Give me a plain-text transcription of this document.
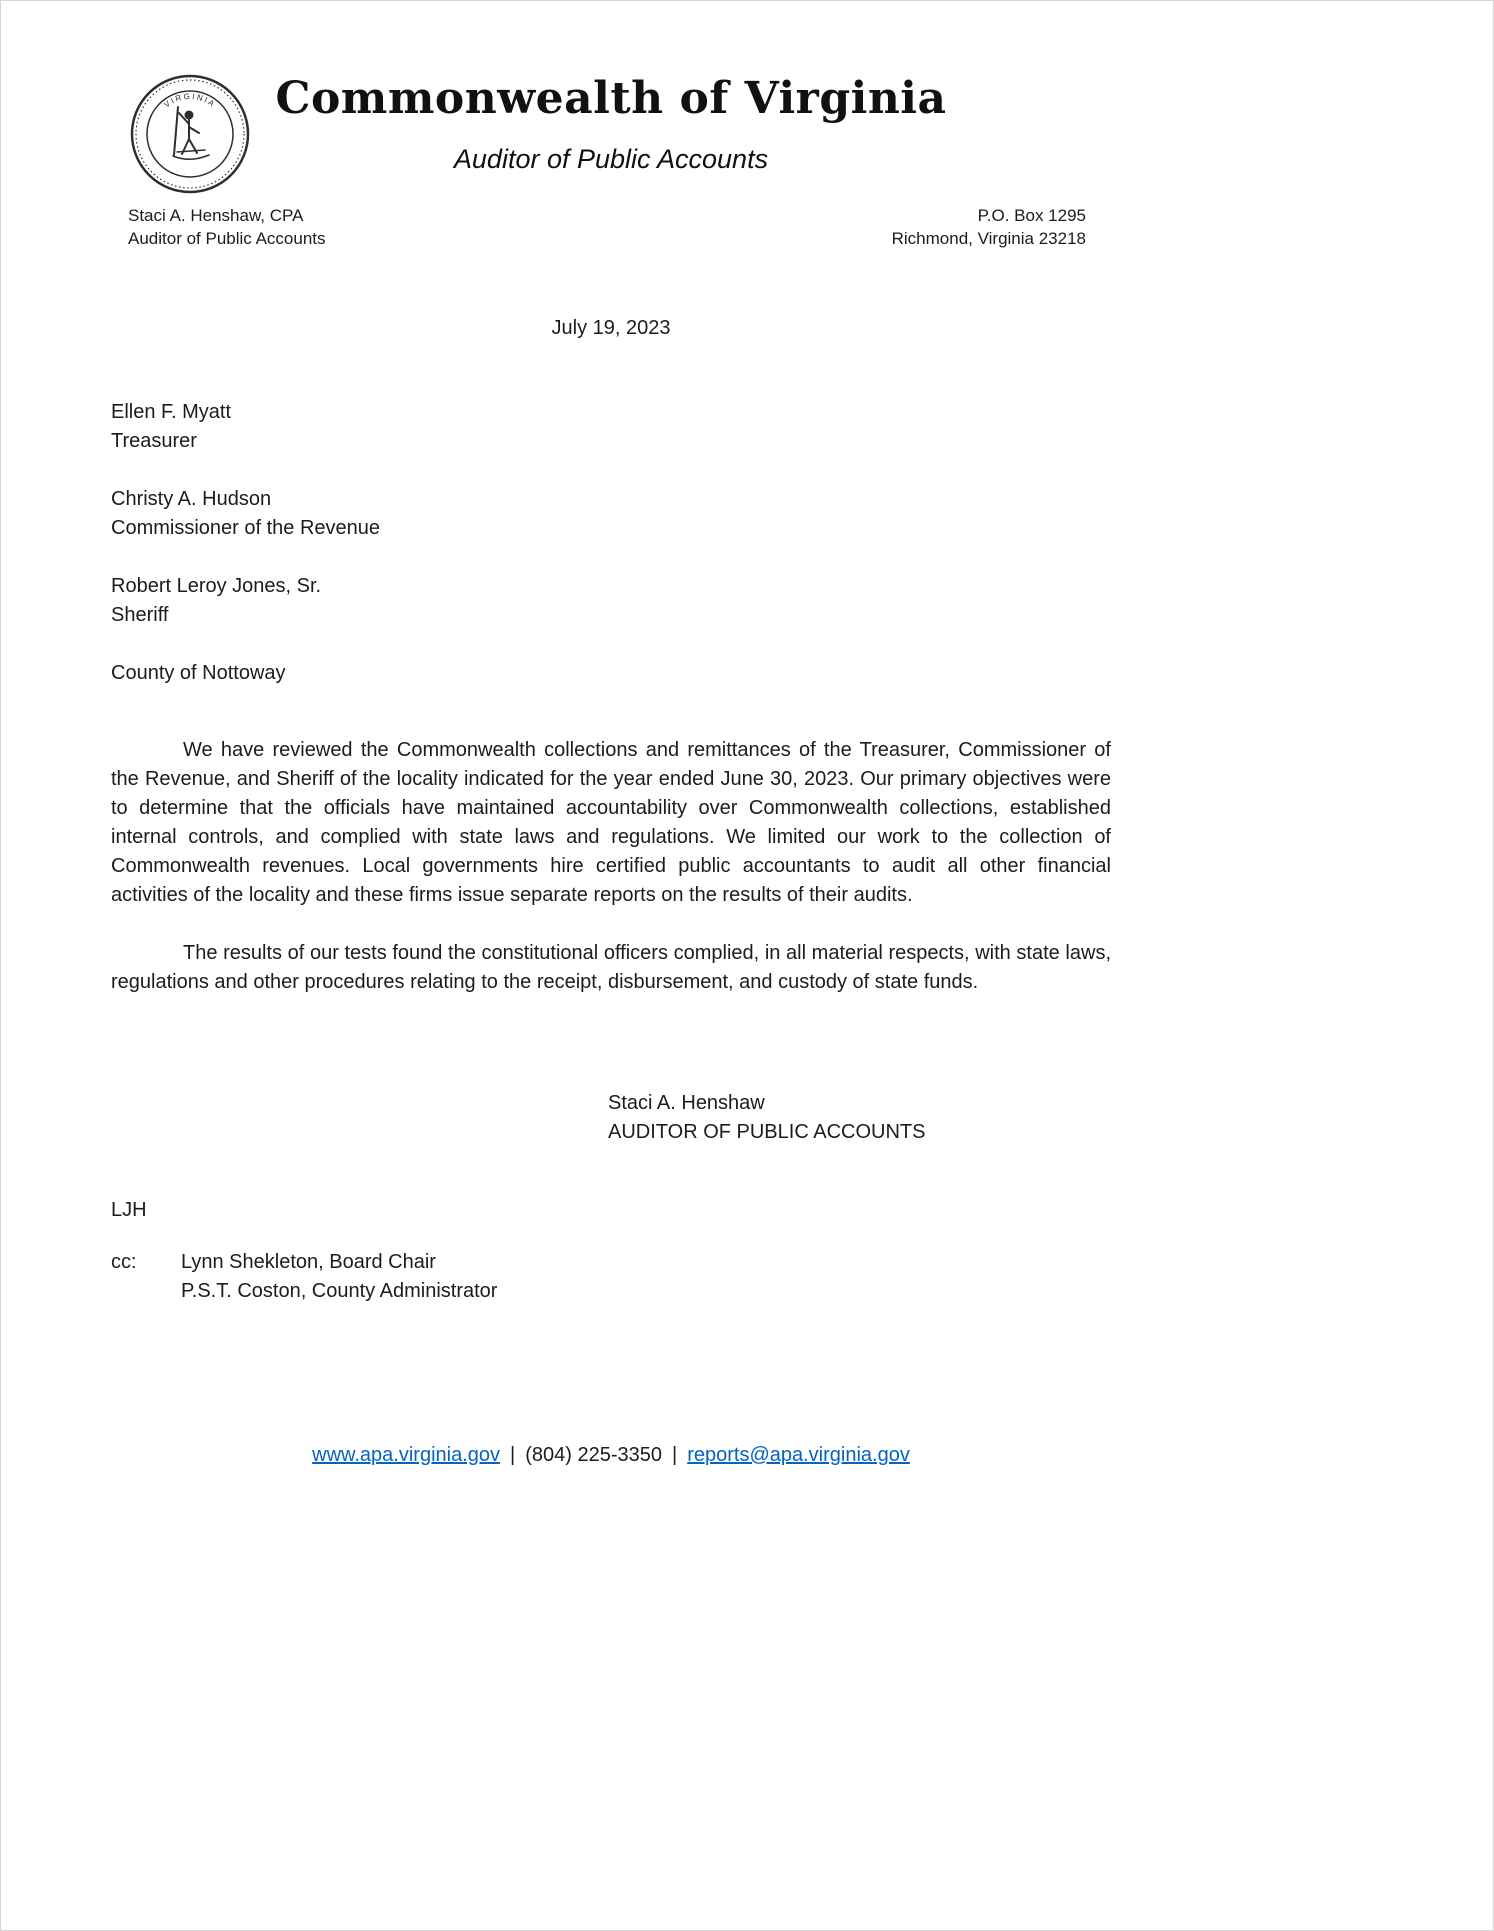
VIRGINIA	Commonwealth of Virginia
Auditor of Public Accounts
Staci A. Henshaw, CPA
Auditor of Public Accounts
P.O. Box 1295
Richmond, Virginia 23218
July 19, 2023
Ellen F. Myatt
Treasurer
Christy A. Hudson
Commissioner of the Revenue
Robert Leroy Jones, Sr.
Sheriff
County of Nottoway

We have reviewed the Commonwealth collections and remittances of the Treasurer, Commissioner of the Revenue, and Sheriff of the locality indicated for the year ended June 30, 2023. Our primary objectives were to determine that the officials have maintained accountability over Commonwealth collections, established internal controls, and complied with state laws and regulations. We limited our work to the collection of Commonwealth revenues. Local governments hire certified public accountants to audit all other financial activities of the locality and these firms issue separate reports on the results of their audits.

The results of our tests found the constitutional officers complied, in all material respects, with state laws, regulations and other procedures relating to the receipt, disbursement, and custody of state funds.

Staci A. Henshaw
AUDITOR OF PUBLIC ACCOUNTS
LJH
cc:	Lynn Shekleton, Board Chair
P.S.T. Coston, County Administrator
www.apa.virginia.gov | (804) 225-3350 | reports@apa.virginia.gov
